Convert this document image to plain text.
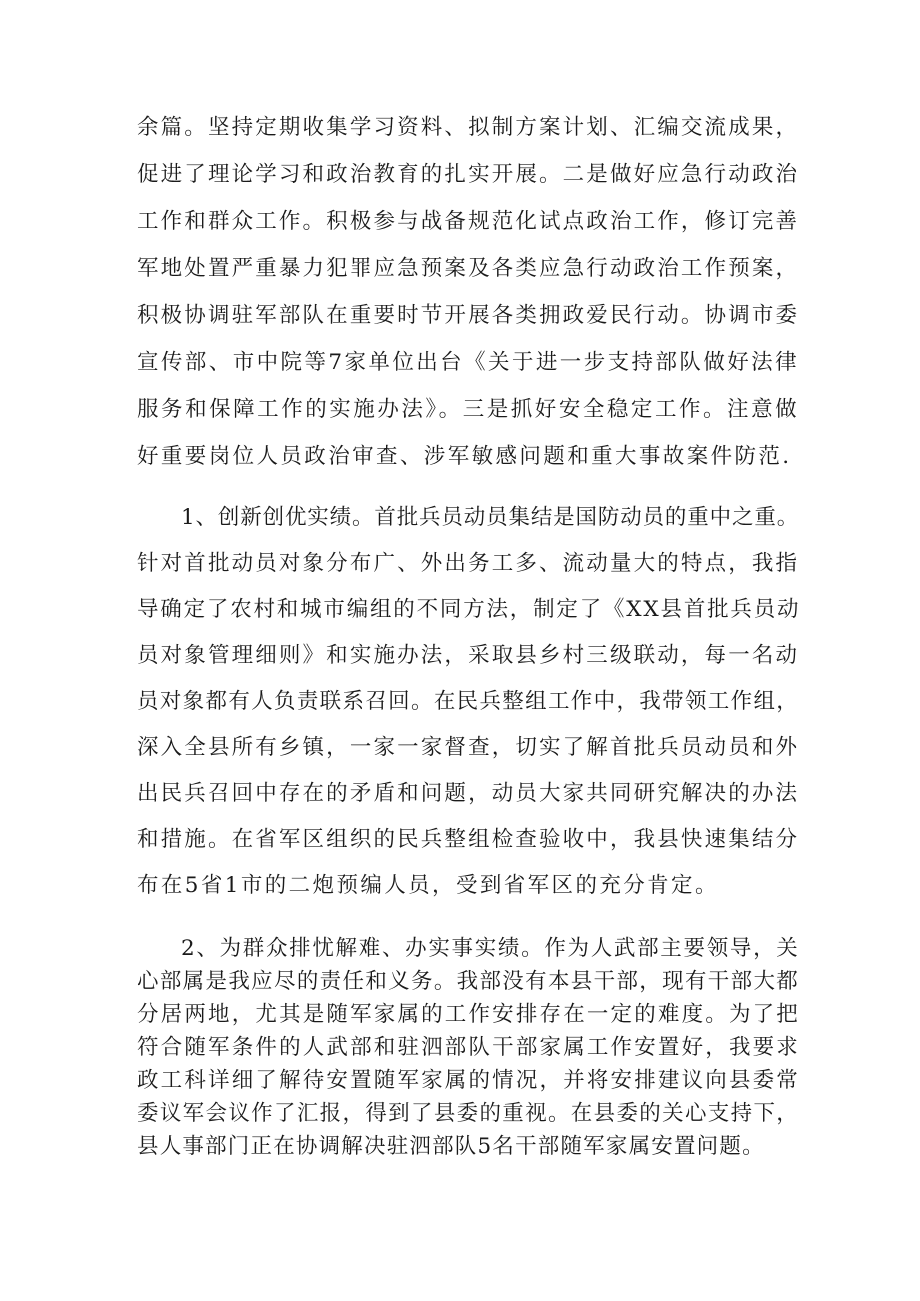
余篇。坚持定期收集学习资料、拟制方案计划、汇编交流成果，
促进了理论学习和政治教育的扎实开展。二是做好应急行动政治
工作和群众工作。积极参与战备规范化试点政治工作，修订完善
军地处置严重暴力犯罪应急预案及各类应急行动政治工作预案，
积极协调驻军部队在重要时节开展各类拥政爱民行动。协调市委
宣传部、市中院等7家单位出台《关于进一步支持部队做好法律
服务和保障工作的实施办法》。三是抓好安全稳定工作。注意做
好重要岗位人员政治审查、涉军敏感问题和重大事故案件防范.
1、创新创优实绩。首批兵员动员集结是国防动员的重中之重。
针对首批动员对象分布广、外出务工多、流动量大的特点，我指
导确定了农村和城市编组的不同方法，制定了《XX县首批兵员动
员对象管理细则》和实施办法，采取县乡村三级联动，每一名动
员对象都有人负责联系召回。在民兵整组工作中，我带领工作组，
深入全县所有乡镇，一家一家督查，切实了解首批兵员动员和外
出民兵召回中存在的矛盾和问题，动员大家共同研究解决的办法
和措施。在省军区组织的民兵整组检查验收中，我县快速集结分
布在5省1市的二炮预编人员，受到省军区的充分肯定。
2、为群众排忧解难、办实事实绩。作为人武部主要领导，关
心部属是我应尽的责任和义务。我部没有本县干部，现有干部大都
分居两地，尤其是随军家属的工作安排存在一定的难度。为了把
符合随军条件的人武部和驻泗部队干部家属工作安置好，我要求
政工科详细了解待安置随军家属的情况，并将安排建议向县委常
委议军会议作了汇报，得到了县委的重视。在县委的关心支持下，
县人事部门正在协调解决驻泗部队5名干部随军家属安置问题。
